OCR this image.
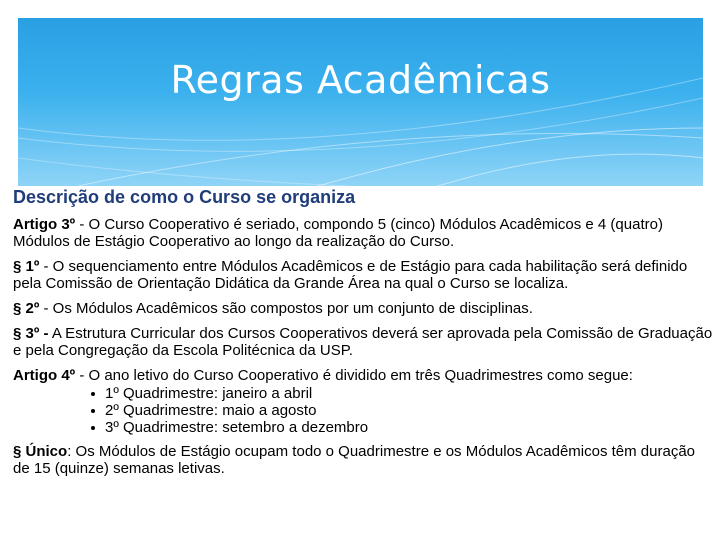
Regras Acadêmicas
Descrição de como o Curso se organiza

Artigo 3º - O Curso Cooperativo é seriado, compondo 5 (cinco) Módulos Acadêmicos e 4 (quatro) Módulos de Estágio Cooperativo ao longo da realização do Curso.

§ 1º - O sequenciamento entre Módulos Acadêmicos e de Estágio para cada habilitação será definido pela Comissão de Orientação Didática da Grande Área na qual o Curso se localiza.

§ 2º - Os Módulos Acadêmicos são compostos por um conjunto de disciplinas.

§ 3º - A Estrutura Curricular dos Cursos Cooperativos deverá ser aprovada pela Comissão de Graduação e pela Congregação da Escola Politécnica da USP.

Artigo 4º - O ano letivo do Curso Cooperativo é dividido em três Quadrimestres como segue:

1º Quadrimestre: janeiro a abril
2º Quadrimestre: maio a agosto
3º Quadrimestre: setembro a dezembro

§ Único: Os Módulos de Estágio ocupam todo o Quadrimestre e os Módulos Acadêmicos têm duração de 15 (quinze) semanas letivas.
